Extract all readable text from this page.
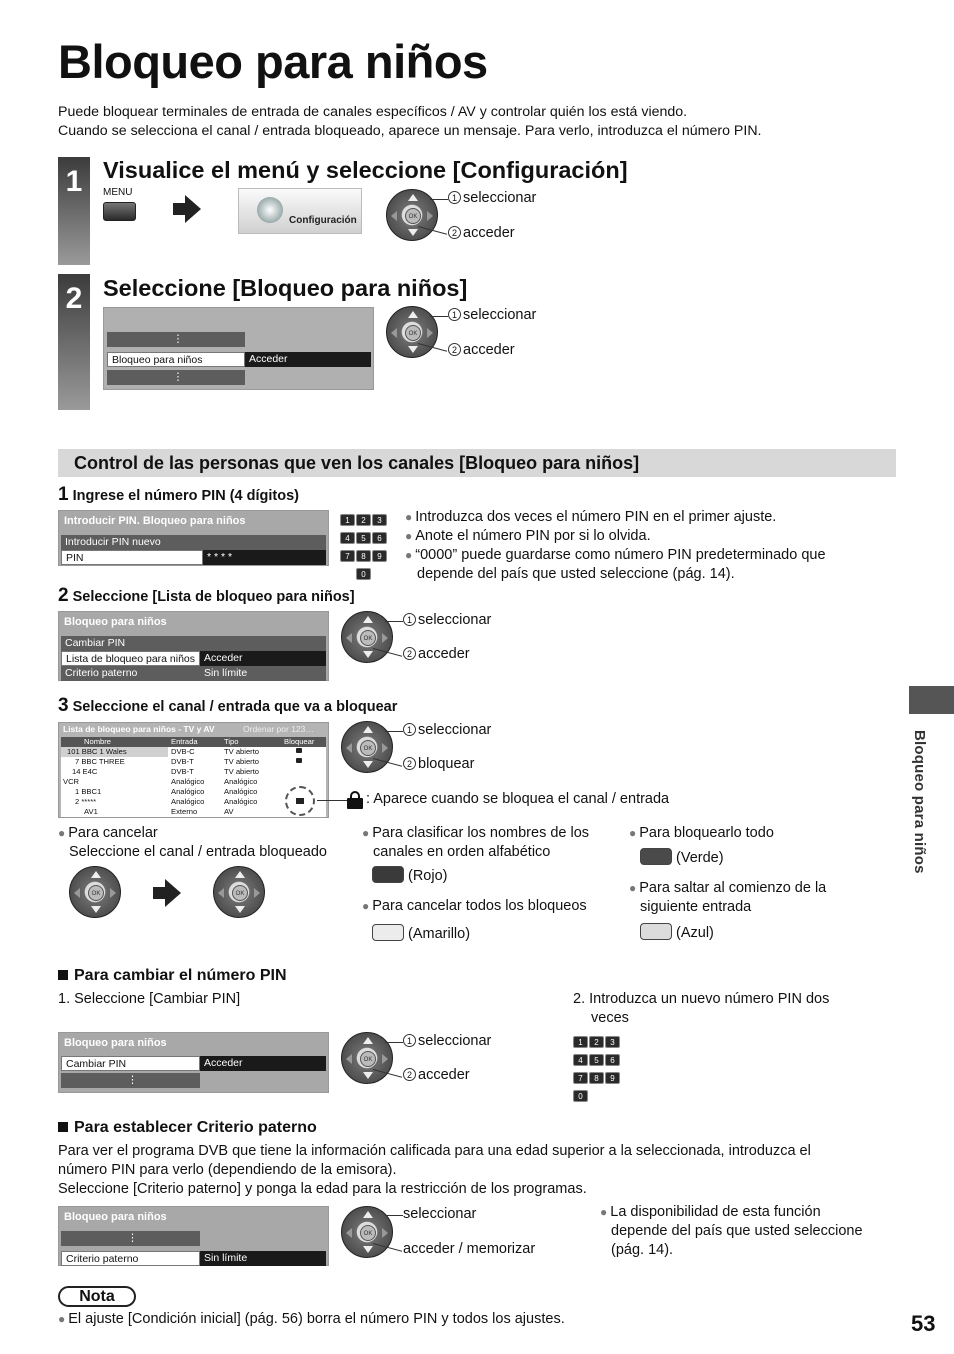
Bloqueo para niños
Puede bloquear terminales de entrada de canales específicos / AV y controlar quién los está viendo.
Cuando se selecciona el canal / entrada bloqueado, aparece un mensaje. Para verlo, introduzca el número PIN.
1 Visualice el menú y seleccione [Configuración]
MENU
Configuración	OK
1 seleccionar
2 acceder
2 Seleccione [Bloqueo para niños]
⋮
Bloqueo para niños	Acceder
⋮
OK
1 seleccionar
2 acceder
Control de las personas que ven los canales [Bloqueo para niños]
1 Ingrese el número PIN (4 dígitos)
Introducir PIN. Bloqueo para niños
Introducir PIN nuevo
PIN	* * * *
1 2 3
4 5 6
7 8 9
0
● Introduzca dos veces el número PIN en el primer ajuste.
● Anote el número PIN por si lo olvida.
● “0000” puede guardarse como número PIN predeterminado que depende del país que usted seleccione (pág. 14).
2 Seleccione [Lista de bloqueo para niños]
Bloqueo para niños
Cambiar PIN
Lista de bloqueo para niños Acceder
Criterio paterno	Sin límite
OK
1 seleccionar
2 acceder
3 Seleccione el canal / entrada que va a bloquear
Lista de bloqueo para niños - TV y AV	Ordenar por 123…
Nombre	Entrada	Tipo	Bloquear
101 BBC 1 Wales	DVB-C	TV abierto
7 BBC THREE	DVB-T	TV abierto
14 E4C	DVB-T	TV abierto
VCR	Analógico	Analógico
1 BBC1	Analógico	Analógico
2 *****	Analógico	Analógico
AV1	Externo	AV
OK
1 seleccionar
2 bloquear
: Aparece cuando se bloquea el canal / entrada
● Para cancelar
Seleccione el canal / entrada bloqueado
OK	OK
● Para clasificar los nombres de los
canales en orden alfabético
(Rojo)
● Para cancelar todos los bloqueos
(Amarillo)
● Para bloquearlo todo
(Verde)
● Para saltar al comienzo de la
siguiente entrada
(Azul)
Para cambiar el número PIN
1. Seleccione [Cambiar PIN]	2. Introduzca un nuevo número PIN dos
veces
Bloqueo para niños
Cambiar PIN	Acceder
⋮
OK
1 seleccionar
2 acceder
1 2 3
4 5 6
7 8 9
0
Para establecer Criterio paterno
Para ver el programa DVB que tiene la información calificada para una edad superior a la seleccionada, introduzca el
número PIN para verlo (dependiendo de la emisora).
Seleccione [Criterio paterno] y ponga la edad para la restricción de los programas.
Bloqueo para niños
⋮
Criterio paterno	Sin límite
OK
seleccionar
acceder / memorizar
● La disponibilidad de esta función
depende del país que usted seleccione
(pág. 14).
Nota
● El ajuste [Condición inicial] (pág. 56) borra el número PIN y todos los ajustes.
Bloqueo para niños
53
